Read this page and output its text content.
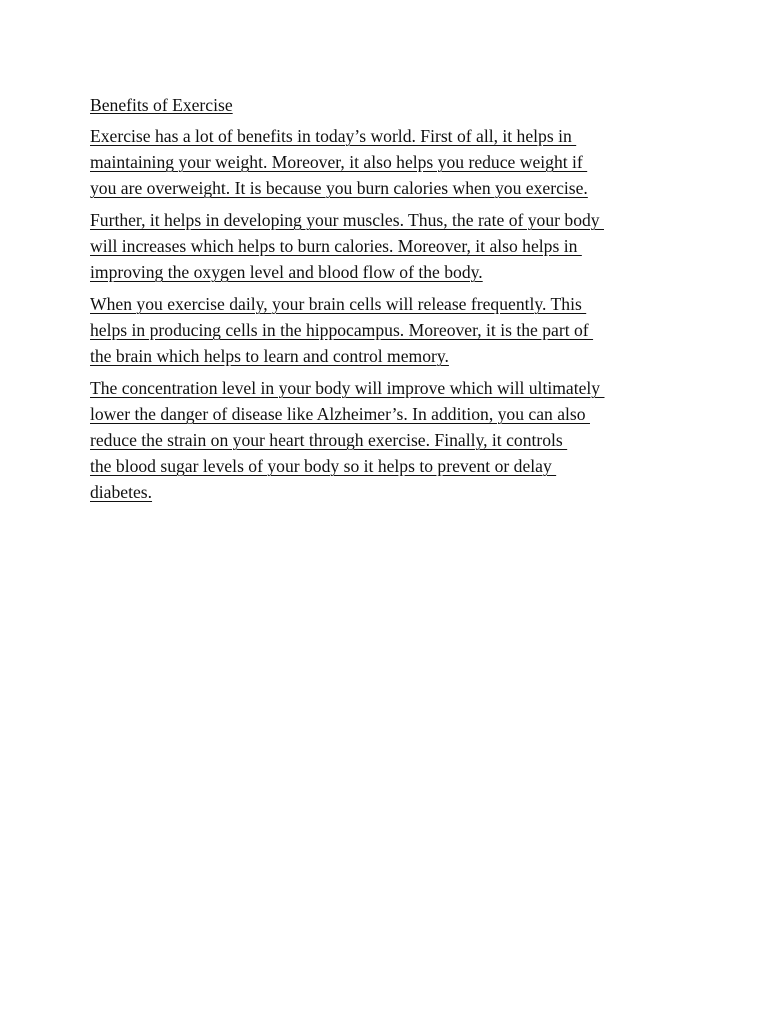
Benefits of Exercise
Exercise has a lot of benefits in today’s world. First of all, it helps in
maintaining your weight. Moreover, it also helps you reduce weight if
you are overweight. It is because you burn calories when you exercise.
Further, it helps in developing your muscles. Thus, the rate of your body
will increases which helps to burn calories. Moreover, it also helps in
improving the oxygen level and blood flow of the body.
When you exercise daily, your brain cells will release frequently. This
helps in producing cells in the hippocampus. Moreover, it is the part of
the brain which helps to learn and control memory.
The concentration level in your body will improve which will ultimately
lower the danger of disease like Alzheimer’s. In addition, you can also
reduce the strain on your heart through exercise. Finally, it controls
the blood sugar levels of your body so it helps to prevent or delay
diabetes.
